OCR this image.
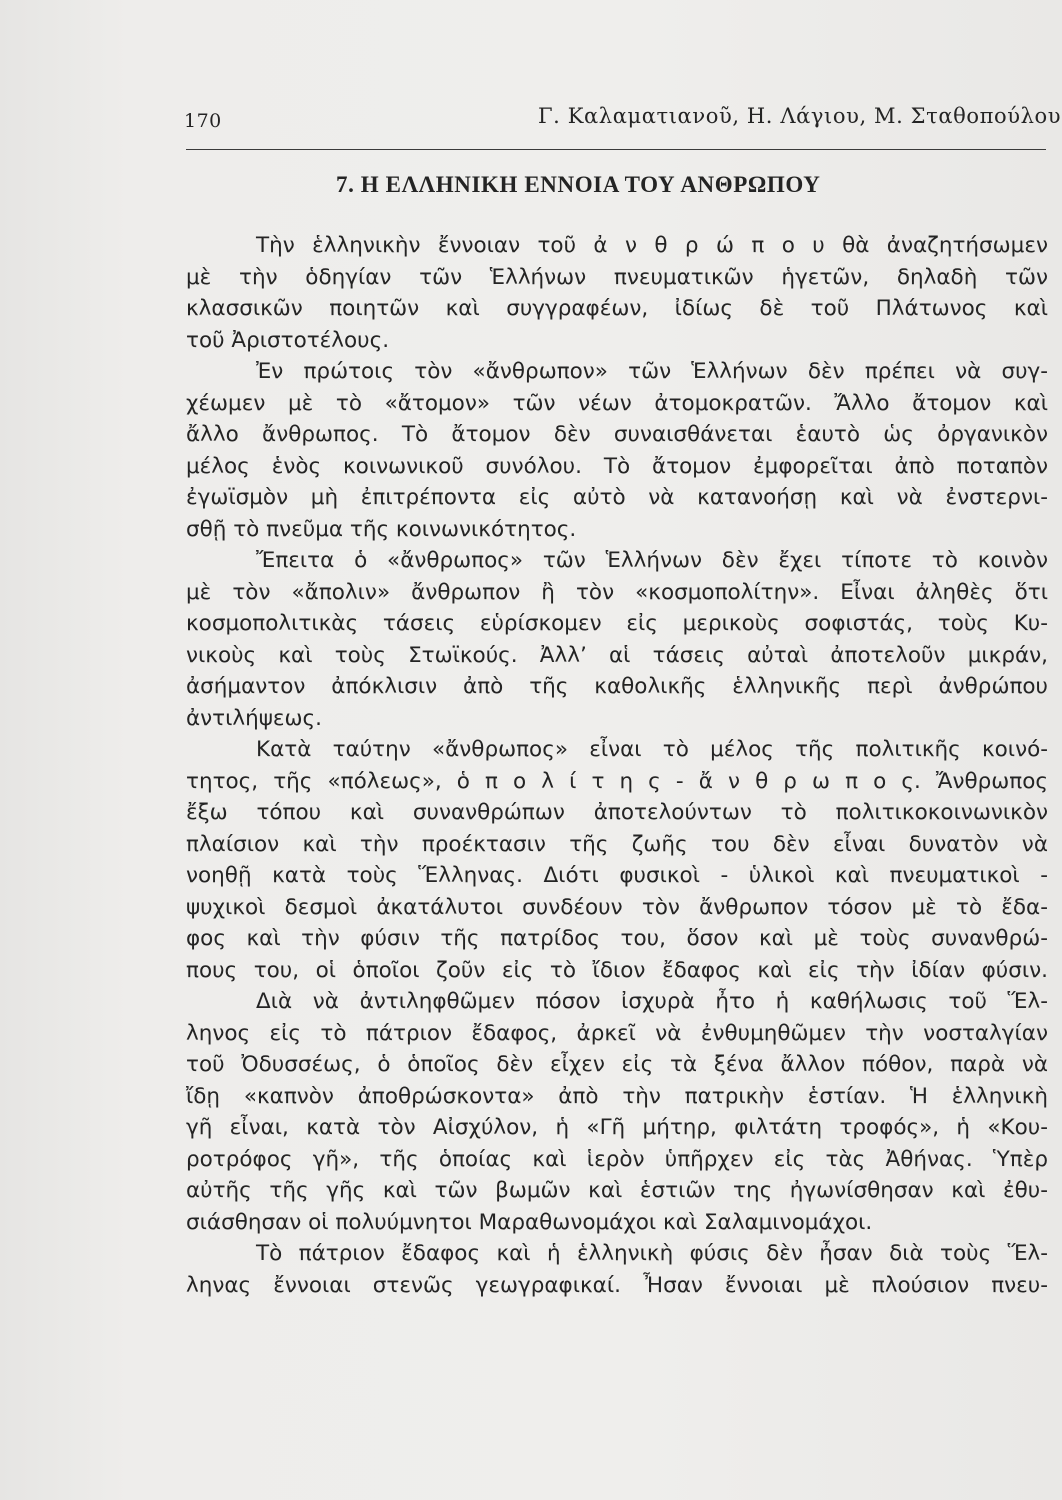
170	Γ. Καλαματιανοῦ, Η. Λάγιου, Μ. Σταθοπούλου
7. Η ΕΛΛΗΝΙΚΗ ΕΝΝΟΙΑ ΤΟΥ ΑΝΘΡΩΠΟΥ
Τὴν ἑλληνικὴν ἔννοιαν τοῦ ἀ ν θ ρ ώ π ο υ θὰ ἀναζητήσωμεν
μὲ τὴν ὁδηγίαν τῶν Ἑλλήνων πνευματικῶν ἡγετῶν, δηλαδὴ τῶν
κλασσικῶν ποιητῶν καὶ συγγραφέων, ἰδίως δὲ τοῦ Πλάτωνος καὶ
τοῦ Ἀριστοτέλους.
Ἐν πρώτοις τὸν «ἄνθρωπον» τῶν Ἑλλήνων δὲν πρέπει νὰ συγ-
χέωμεν μὲ τὸ «ἄτομον» τῶν νέων ἀτομοκρατῶν. Ἄλλο ἄτομον καὶ
ἄλλο ἄνθρωπος. Τὸ ἄτομον δὲν συναισθάνεται ἑαυτὸ ὡς ὀργανικὸν
μέλος ἑνὸς κοινωνικοῦ συνόλου. Τὸ ἄτομον ἐμφορεῖται ἀπὸ ποταπὸν
ἐγωϊσμὸν μὴ ἐπιτρέποντα εἰς αὐτὸ νὰ κατανοήσῃ καὶ νὰ ἐνστερνι-
σθῇ τὸ πνεῦμα τῆς κοινωνικότητος.
Ἔπειτα ὁ «ἄνθρωπος» τῶν Ἑλλήνων δὲν ἔχει τίποτε τὸ κοινὸν
μὲ τὸν «ἄπολιν» ἄνθρωπον ἢ τὸν «κοσμοπολίτην». Εἶναι ἀληθὲς ὅτι
κοσμοπολιτικὰς τάσεις εὑρίσκομεν εἰς μερικοὺς σοφιστάς, τοὺς Κυ-
νικοὺς καὶ τοὺς Στωϊκούς. Ἀλλ’ αἱ τάσεις αὐταὶ ἀποτελοῦν μικράν,
ἀσήμαντον ἀπόκλισιν ἀπὸ τῆς καθολικῆς ἑλληνικῆς περὶ ἀνθρώπου
ἀντιλήψεως.
Κατὰ ταύτην «ἄνθρωπος» εἶναι τὸ μέλος τῆς πολιτικῆς κοινό-
τητος, τῆς «πόλεως», ὁ π ο λ ί τ η ς - ἄ ν θ ρ ω π ο ς. Ἄνθρωπος
ἔξω τόπου καὶ συνανθρώπων ἀποτελούντων τὸ πολιτικοκοινωνικὸν
πλαίσιον καὶ τὴν προέκτασιν τῆς ζωῆς του δὲν εἶναι δυνατὸν νὰ
νοηθῇ κατὰ τοὺς Ἕλληνας. Διότι φυσικοὶ - ὑλικοὶ καὶ πνευματικοὶ -
ψυχικοὶ δεσμοὶ ἀκατάλυτοι συνδέουν τὸν ἄνθρωπον τόσον μὲ τὸ ἔδα-
φος καὶ τὴν φύσιν τῆς πατρίδος του, ὅσον καὶ μὲ τοὺς συνανθρώ-
πους του, οἱ ὁποῖοι ζοῦν εἰς τὸ ἴδιον ἔδαφος καὶ εἰς τὴν ἰδίαν φύσιν.
Διὰ νὰ ἀντιληφθῶμεν πόσον ἰσχυρὰ ἦτο ἡ καθήλωσις τοῦ Ἕλ-
ληνος εἰς τὸ πάτριον ἔδαφος, ἀρκεῖ νὰ ἐνθυμηθῶμεν τὴν νοσταλγίαν
τοῦ Ὀδυσσέως, ὁ ὁποῖος δὲν εἶχεν εἰς τὰ ξένα ἄλλον πόθον, παρὰ νὰ
ἴδῃ «καπνὸν ἀποθρώσκοντα» ἀπὸ τὴν πατρικὴν ἑστίαν. Ἡ ἑλληνικὴ
γῆ εἶναι, κατὰ τὸν Αἰσχύλον, ἡ «Γῆ μήτηρ, φιλτάτη τροφός», ἡ «Κου-
ροτρόφος γῆ», τῆς ὁποίας καὶ ἱερὸν ὑπῆρχεν εἰς τὰς Ἀθήνας. Ὑπὲρ
αὐτῆς τῆς γῆς καὶ τῶν βωμῶν καὶ ἑστιῶν της ἠγωνίσθησαν καὶ ἐθυ-
σιάσθησαν οἱ πολυύμνητοι Μαραθωνομάχοι καὶ Σαλαμινομάχοι.
Τὸ πάτριον ἔδαφος καὶ ἡ ἑλληνικὴ φύσις δὲν ἦσαν διὰ τοὺς Ἕλ-
ληνας ἔννοιαι στενῶς γεωγραφικαί. Ἦσαν ἔννοιαι μὲ πλούσιον πνευ-
